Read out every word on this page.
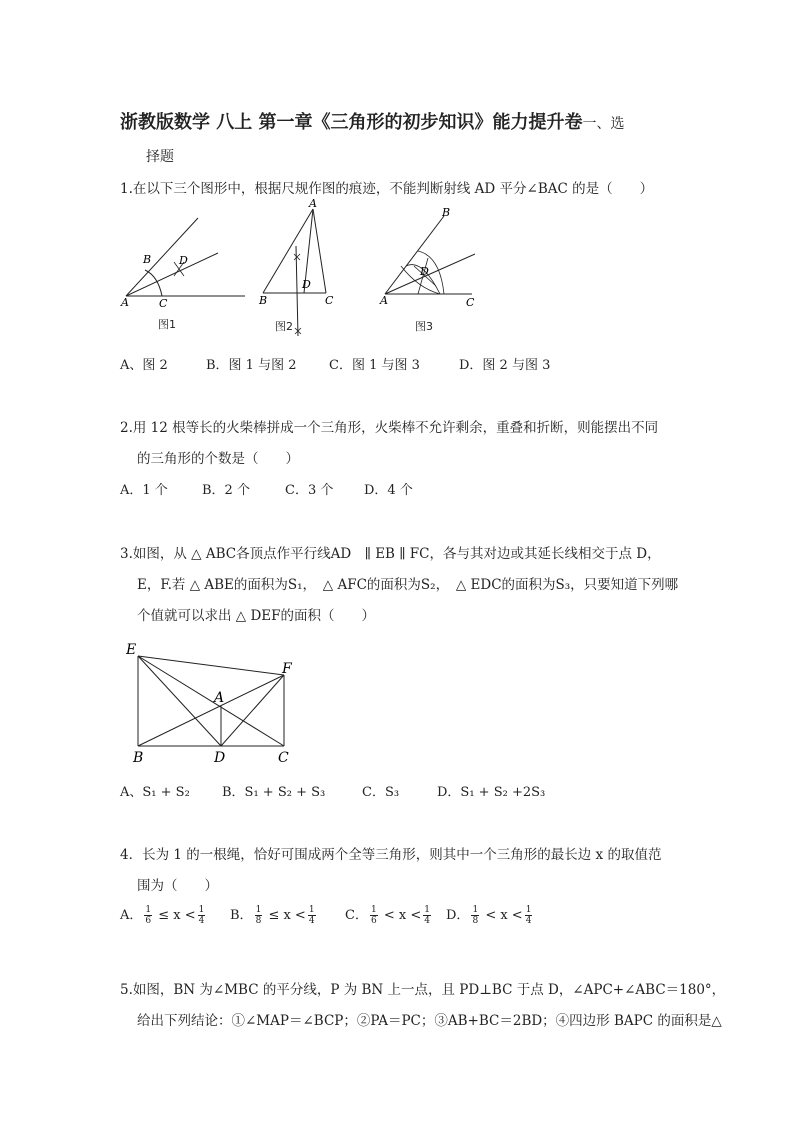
浙教版数学 八上 第一章《三角形的初步知识》能力提升卷一、选
择题
1.在以下三个图形中，根据尺规作图的痕迹，不能判断射线 AD 平分∠BAC 的是（　　）
A
B
C
D
A
B	C
D
A
B
C
D
图1	图2	图3
A、图 2	B．图 1 与图 2	C．图 1 与图 3	D．图 2 与图 3
2.用 12 根等长的火柴棒拼成一个三角形，火柴棒不允许剩余，重叠和折断，则能摆出不同
的三角形的个数是（　　）
A．1 个	B．2 个	C．3 个 D．4 个
3.如图，从 △ ABC各顶点作平行线AD　∥ EB ∥ FC，各与其对边或其延长线相交于点 D，
E，F.若 △ ABE的面积为S₁，　△ AFC的面积为S₂，　△ EDC的面积为S₃，只要知道下列哪
个值就可以求出 △ DEF的面积（　　）
E
F
A
B	D	C
A、S₁ + S₂ B．S₁ + S₂ + S₃	C．S₃	D．S₁ + S₂ +2S₃
4．长为 1 的一根绳，恰好可围成两个全等三角形，则其中一个三角形的最长边 x 的取值范
围为（　　）
A． $\frac{1}{6} \le x < \frac{1}{4}$ B． $\frac{1}{8} \le x < \frac{1}{4}$ C． $\frac{1}{6} < x < \frac{1}{4}$ D． $\frac{1}{8} < x < \frac{1}{4}$
5.如图，BN 为∠MBC 的平分线，P 为 BN 上一点，且 PD⊥BC 于点 D，∠APC+∠ABC＝180°，
给出下列结论：①∠MAP＝∠BCP；②PA＝PC；③AB+BC＝2BD；④四边形 BAPC 的面积是△
